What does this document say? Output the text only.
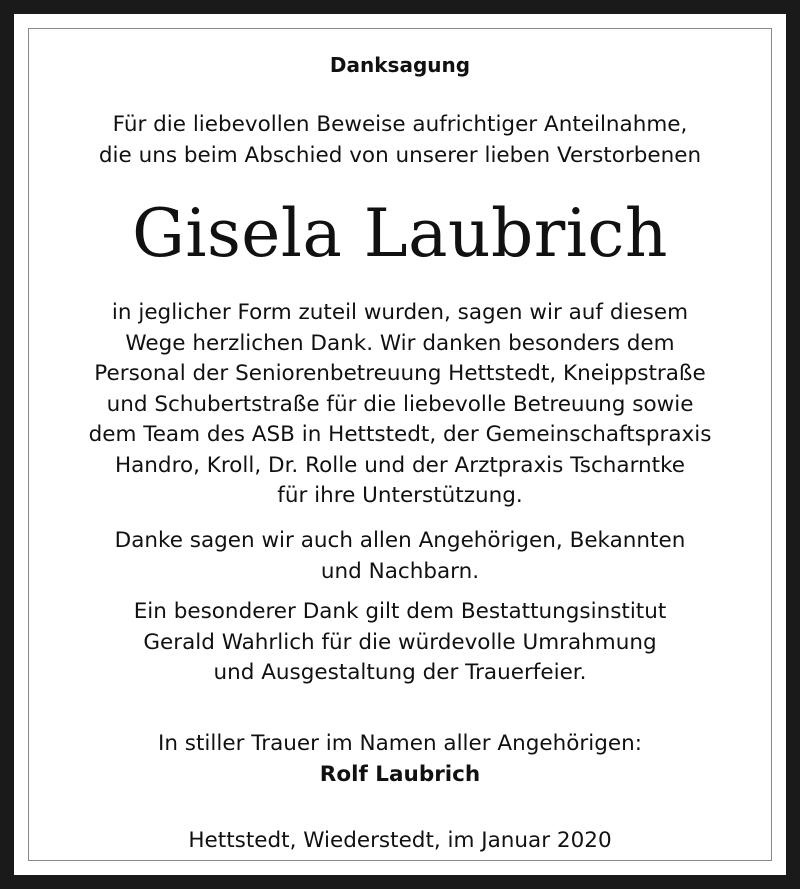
Danksagung
Für die liebevollen Beweise aufrichtiger Anteilnahme,
die uns beim Abschied von unserer lieben Verstorbenen
Gisela Laubrich
in jeglicher Form zuteil wurden, sagen wir auf diesem
Wege herzlichen Dank. Wir danken besonders dem
Personal der Seniorenbetreuung Hettstedt, Kneippstraße
und Schubertstraße für die liebevolle Betreuung sowie
dem Team des ASB in Hettstedt, der Gemeinschaftspraxis
Handro, Kroll, Dr. Rolle und der Arztpraxis Tscharntke
für ihre Unterstützung.
Danke sagen wir auch allen Angehörigen, Bekannten
und Nachbarn.
Ein besonderer Dank gilt dem Bestattungsinstitut
Gerald Wahrlich für die würdevolle Umrahmung
und Ausgestaltung der Trauerfeier.
In stiller Trauer im Namen aller Angehörigen:
Rolf Laubrich
Hettstedt, Wiederstedt, im Januar 2020
